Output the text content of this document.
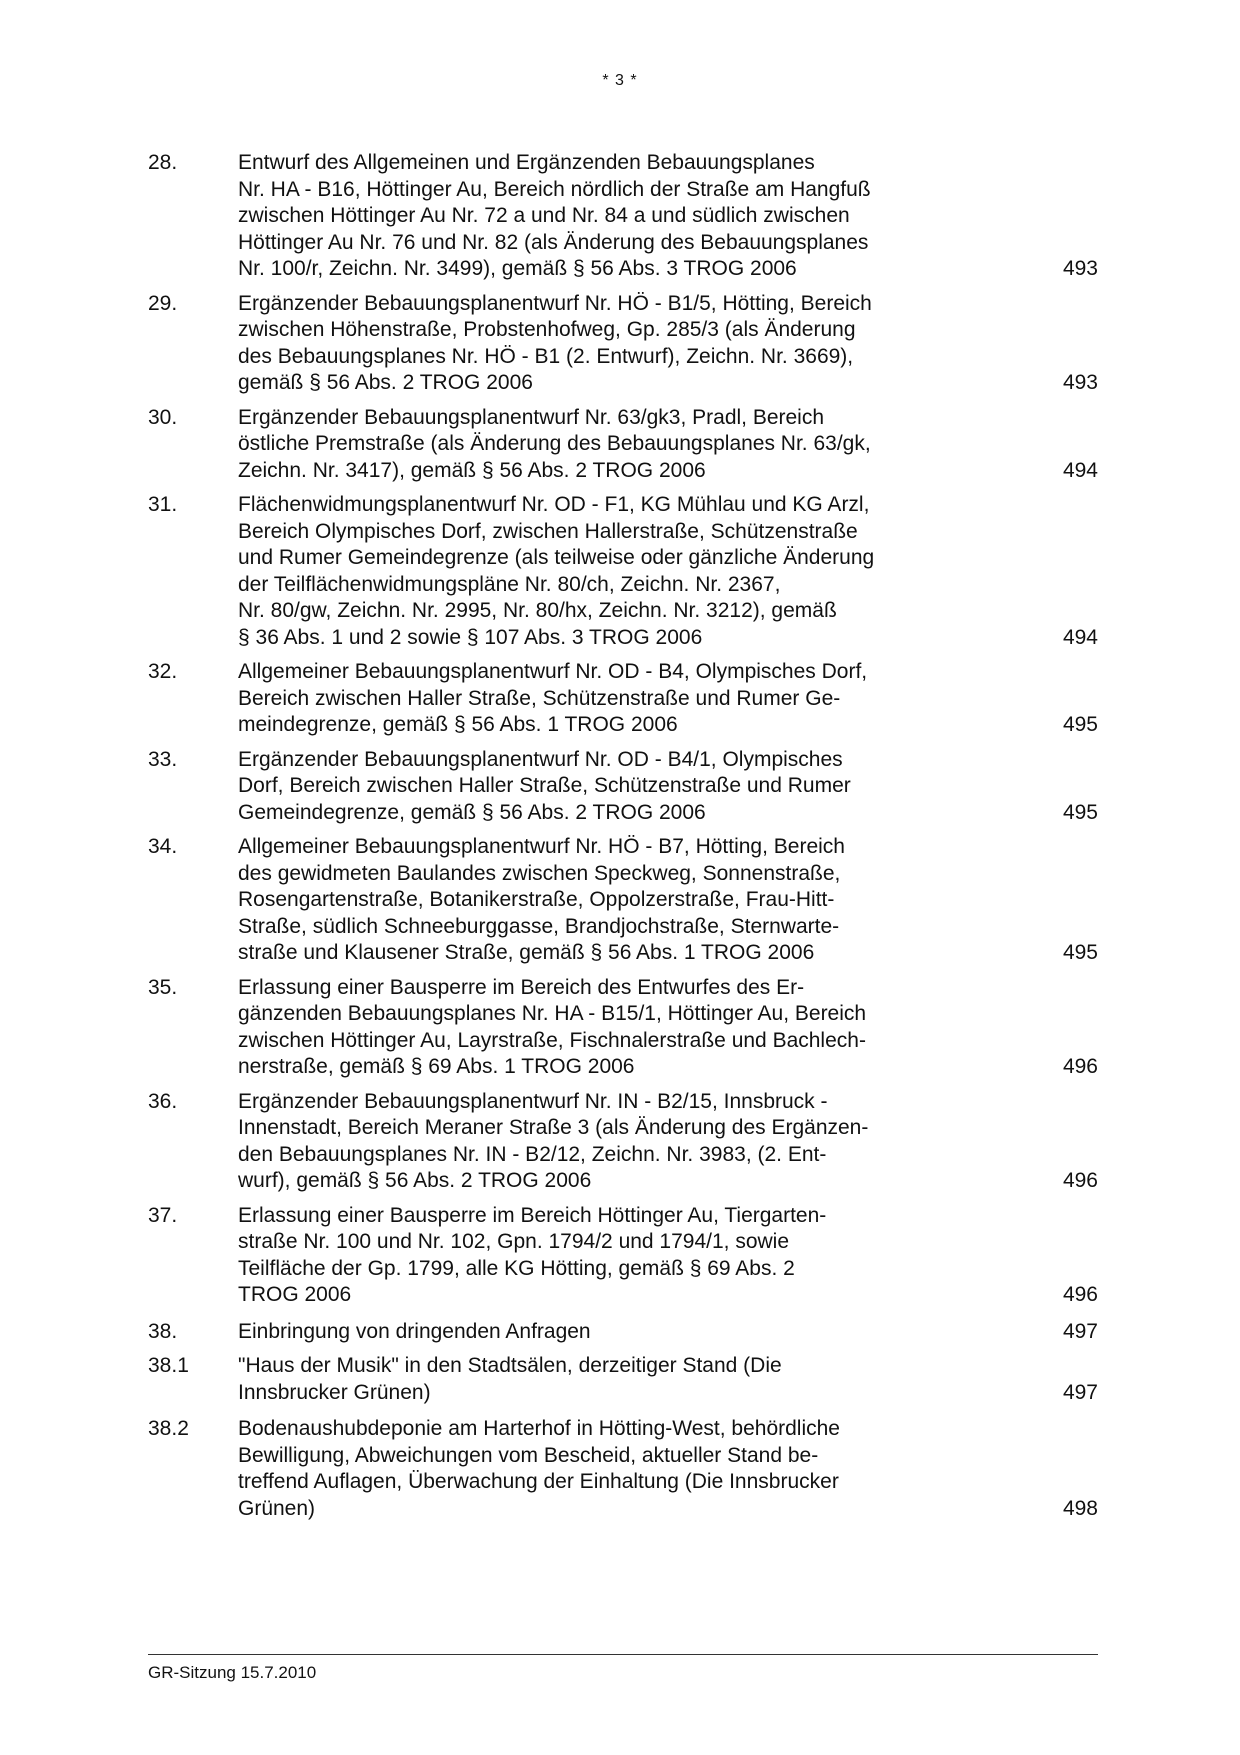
* 3 *
28.	Entwurf des Allgemeinen und Ergänzenden Bebauungsplanes
Nr. HA - B16, Höttinger Au, Bereich nördlich der Straße am Hangfuß
zwischen Höttinger Au Nr. 72 a und Nr. 84 a und südlich zwischen
Höttinger Au Nr. 76 und Nr. 82 (als Änderung des Bebauungsplanes
Nr. 100/r, Zeichn. Nr. 3499), gemäß § 56 Abs. 3 TROG 2006	493
29.	Ergänzender Bebauungsplanentwurf Nr. HÖ - B1/5, Hötting, Bereich
zwischen Höhenstraße, Probstenhofweg, Gp. 285/3 (als Änderung
des Bebauungsplanes Nr. HÖ - B1 (2. Entwurf), Zeichn. Nr. 3669),
gemäß § 56 Abs. 2 TROG 2006	493
30.	Ergänzender Bebauungsplanentwurf Nr. 63/gk3, Pradl, Bereich
östliche Premstraße (als Änderung des Bebauungsplanes Nr. 63/gk,
Zeichn. Nr. 3417), gemäß § 56 Abs. 2 TROG 2006	494
31.	Flächenwidmungsplanentwurf Nr. OD - F1, KG Mühlau und KG Arzl,
Bereich Olympisches Dorf, zwischen Hallerstraße, Schützenstraße
und Rumer Gemeindegrenze (als teilweise oder gänzliche Änderung
der Teilflächenwidmungspläne Nr. 80/ch, Zeichn. Nr. 2367,
Nr. 80/gw, Zeichn. Nr. 2995, Nr. 80/hx, Zeichn. Nr. 3212), gemäß
§ 36 Abs. 1 und 2 sowie § 107 Abs. 3 TROG 2006	494
32.	Allgemeiner Bebauungsplanentwurf Nr. OD - B4, Olympisches Dorf,
Bereich zwischen Haller Straße, Schützenstraße und Rumer Ge-
meindegrenze, gemäß § 56 Abs. 1 TROG 2006	495
33.	Ergänzender Bebauungsplanentwurf Nr. OD - B4/1, Olympisches
Dorf, Bereich zwischen Haller Straße, Schützenstraße und Rumer
Gemeindegrenze, gemäß § 56 Abs. 2 TROG 2006	495
34.	Allgemeiner Bebauungsplanentwurf Nr. HÖ - B7, Hötting, Bereich
des gewidmeten Baulandes zwischen Speckweg, Sonnenstraße,
Rosengartenstraße, Botanikerstraße, Oppolzerstraße, Frau-Hitt-
Straße, südlich Schneeburggasse, Brandjochstraße, Sternwarte-
straße und Klausener Straße, gemäß § 56 Abs. 1 TROG 2006	495
35.	Erlassung einer Bausperre im Bereich des Entwurfes des Er-
gänzenden Bebauungsplanes Nr. HA - B15/1, Höttinger Au, Bereich
zwischen Höttinger Au, Layrstraße, Fischnalerstraße und Bachlech-
nerstraße, gemäß § 69 Abs. 1 TROG 2006	496
36.	Ergänzender Bebauungsplanentwurf Nr. IN - B2/15, Innsbruck -
Innenstadt, Bereich Meraner Straße 3 (als Änderung des Ergänzen-
den Bebauungsplanes Nr. IN - B2/12, Zeichn. Nr. 3983, (2. Ent-
wurf), gemäß § 56 Abs. 2 TROG 2006	496
37.	Erlassung einer Bausperre im Bereich Höttinger Au, Tiergarten-
straße Nr. 100 und Nr. 102, Gpn. 1794/2 und 1794/1, sowie
Teilfläche der Gp. 1799, alle KG Hötting, gemäß § 69 Abs. 2
TROG 2006	496
38.	Einbringung von dringenden Anfragen	497
38.1	"Haus der Musik" in den Stadtsälen, derzeitiger Stand (Die
Innsbrucker Grünen)	497
38.2	Bodenaushubdeponie am Harterhof in Hötting-West, behördliche
Bewilligung, Abweichungen vom Bescheid, aktueller Stand be-
treffend Auflagen, Überwachung der Einhaltung (Die Innsbrucker
Grünen)	498
GR-Sitzung 15.7.2010
